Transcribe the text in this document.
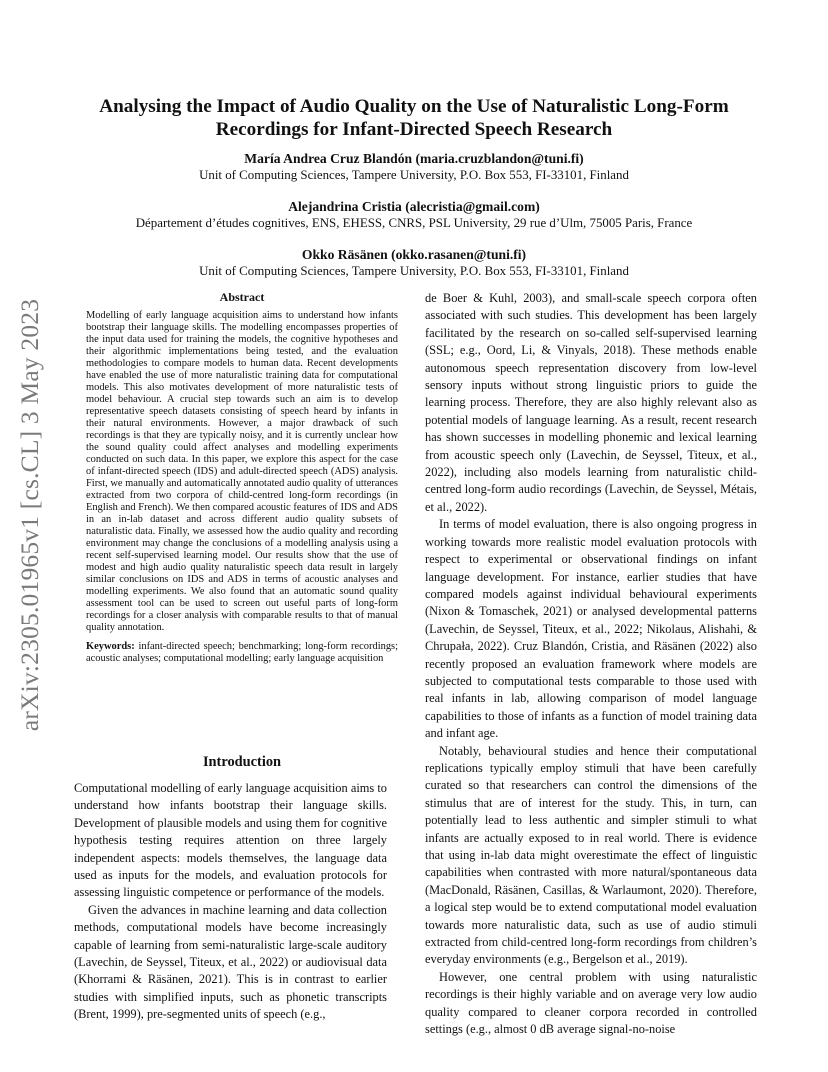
arXiv:2305.01965v1 [cs.CL] 3 May 2023
Analysing the Impact of Audio Quality on the Use of Naturalistic Long-Form Recordings for Infant-Directed Speech Research
María Andrea Cruz Blandón (maria.cruzblandon@tuni.fi)
Unit of Computing Sciences, Tampere University, P.O. Box 553, FI-33101, Finland
Alejandrina Cristia (alecristia@gmail.com)
Département d’études cognitives, ENS, EHESS, CNRS, PSL University, 29 rue d’Ulm, 75005 Paris, France
Okko Räsänen (okko.rasanen@tuni.fi)
Unit of Computing Sciences, Tampere University, P.O. Box 553, FI-33101, Finland
Abstract

Modelling of early language acquisition aims to understand how infants bootstrap their language skills. The modelling encompasses properties of the input data used for training the models, the cognitive hypotheses and their algorithmic implementations being tested, and the evaluation methodologies to compare models to human data. Recent developments have enabled the use of more naturalistic training data for computational models. This also motivates development of more naturalistic tests of model behaviour. A crucial step towards such an aim is to develop representative speech datasets consisting of speech heard by infants in their natural environments. However, a major drawback of such recordings is that they are typically noisy, and it is currently unclear how the sound quality could affect analyses and modelling experiments conducted on such data. In this paper, we explore this aspect for the case of infant-directed speech (IDS) and adult-directed speech (ADS) analysis. First, we manually and automatically annotated audio quality of utterances extracted from two corpora of child-centred long-form recordings (in English and French). We then compared acoustic features of IDS and ADS in an in-lab dataset and across different audio quality subsets of naturalistic data. Finally, we assessed how the audio quality and recording environment may change the conclusions of a modelling analysis using a recent self-supervised learning model. Our results show that the use of modest and high audio quality naturalistic speech data result in largely similar conclusions on IDS and ADS in terms of acoustic analyses and modelling experiments. We also found that an automatic sound quality assessment tool can be used to screen out useful parts of long-form recordings for a closer analysis with comparable results to that of manual quality annotation.

Keywords: infant-directed speech; benchmarking; long-form recordings; acoustic analyses; computational modelling; early language acquisition

Introduction

Computational modelling of early language acquisition aims to understand how infants bootstrap their language skills. Development of plausible models and using them for cognitive hypothesis testing requires attention on three largely independent aspects: models themselves, the language data used as inputs for the models, and evaluation protocols for assessing linguistic competence or performance of the models.

Given the advances in machine learning and data collection methods, computational models have become increasingly capable of learning from semi-naturalistic large-scale auditory (Lavechin, de Seyssel, Titeux, et al., 2022) or audiovisual data (Khorrami & Räsänen, 2021). This is in contrast to earlier studies with simplified inputs, such as phonetic transcripts (Brent, 1999), pre-segmented units of speech (e.g.,

de Boer & Kuhl, 2003), and small-scale speech corpora often associated with such studies. This development has been largely facilitated by the research on so-called self-supervised learning (SSL; e.g., Oord, Li, & Vinyals, 2018). These methods enable autonomous speech representation discovery from low-level sensory inputs without strong linguistic priors to guide the learning process. Therefore, they are also highly relevant also as potential models of language learning. As a result, recent research has shown successes in modelling phonemic and lexical learning from acoustic speech only (Lavechin, de Seyssel, Titeux, et al., 2022), including also models learning from naturalistic child-centred long-form audio recordings (Lavechin, de Seyssel, Métais, et al., 2022).

In terms of model evaluation, there is also ongoing progress in working towards more realistic model evaluation protocols with respect to experimental or observational findings on infant language development. For instance, earlier studies that have compared models against individual behavioural experiments (Nixon & Tomaschek, 2021) or analysed developmental patterns (Lavechin, de Seyssel, Titeux, et al., 2022; Nikolaus, Alishahi, & Chrupała, 2022). Cruz Blandón, Cristia, and Räsänen (2022) also recently proposed an evaluation framework where models are subjected to computational tests comparable to those used with real infants in lab, allowing comparison of model language capabilities to those of infants as a function of model training data and infant age.

Notably, behavioural studies and hence their computational replications typically employ stimuli that have been carefully curated so that researchers can control the dimensions of the stimulus that are of interest for the study. This, in turn, can potentially lead to less authentic and simpler stimuli to what infants are actually exposed to in real world. There is evidence that using in-lab data might overestimate the effect of linguistic capabilities when contrasted with more natural/spontaneous data (MacDonald, Räsänen, Casillas, & Warlaumont, 2020). Therefore, a logical step would be to extend computational model evaluation towards more naturalistic data, such as use of audio stimuli extracted from child-centred long-form recordings from children’s everyday environments (e.g., Bergelson et al., 2019).

However, one central problem with using naturalistic recordings is their highly variable and on average very low audio quality compared to cleaner corpora recorded in controlled settings (e.g., almost 0 dB average signal-no-noise
